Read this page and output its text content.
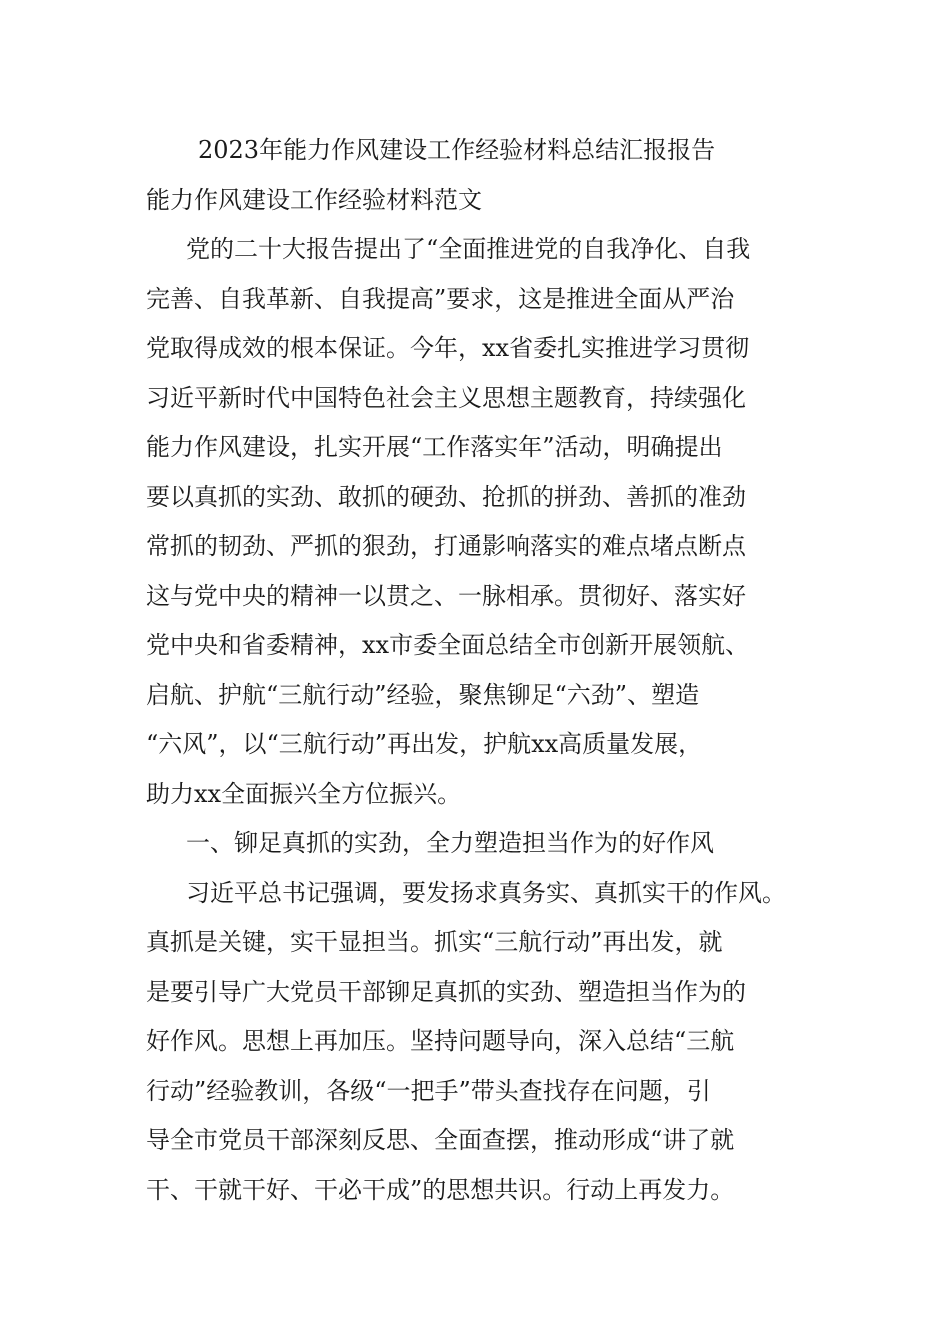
2023年能力作风建设工作经验材料总结汇报报告
能力作风建设工作经验材料范文
党的二十大报告提出了“全面推进党的自我净化、自我
完善、自我革新、自我提高”要求，这是推进全面从严治
党取得成效的根本保证。今年，xx省委扎实推进学习贯彻
习近平新时代中国特色社会主义思想主题教育，持续强化
能力作风建设，扎实开展“工作落实年”活动，明确提出
要以真抓的实劲、敢抓的硬劲、抢抓的拼劲、善抓的准劲
常抓的韧劲、严抓的狠劲，打通影响落实的难点堵点断点
这与党中央的精神一以贯之、一脉相承。贯彻好、落实好
党中央和省委精神，xx市委全面总结全市创新开展领航、
启航、护航“三航行动”经验，聚焦铆足“六劲”、塑造
“六风”，以“三航行动”再出发，护航xx高质量发展，
助力xx全面振兴全方位振兴。
一、铆足真抓的实劲，全力塑造担当作为的好作风
习近平总书记强调，要发扬求真务实、真抓实干的作风。
真抓是关键，实干显担当。抓实“三航行动”再出发，就
是要引导广大党员干部铆足真抓的实劲、塑造担当作为的
好作风。思想上再加压。坚持问题导向，深入总结“三航
行动”经验教训，各级“一把手”带头查找存在问题，引
导全市党员干部深刻反思、全面查摆，推动形成“讲了就
干、干就干好、干必干成”的思想共识。行动上再发力。
